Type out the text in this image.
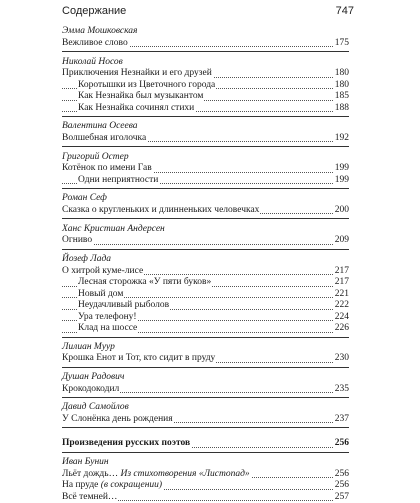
Содержание	747
Эмма Мошковская
Вежливое слово	175
Николай Носов
Приключения Незнайки и его друзей	180
Коротышки из Цветочного города	180
Как Незнайка был музыкантом	185
Как Незнайка сочинял стихи	188
Валентина Осеева
Волшебная иголочка	192
Григорий Остер
Котёнок по имени Гав	199
Одни неприятности	199
Роман Сеф
Сказка о кругленьких и длинненьких человечках	200
Ханс Кристиан Андерсен
Огниво	209
Йозеф Лада
О хитрой куме-лисе	217
Лесная сторожка «У пяти буков»	217
Новый дом	221
Неудачливый рыболов	222
Ура телефону!	224
Клад на шоссе	226
Лилиан Муур
Крошка Енот и Тот, кто сидит в пруду	230
Душан Радович
Крокодокодил	235
Давид Самойлов
У Слонёнка день рождения	237
Произведения русских поэтов	256
Иван Бунин
Льёт дождь… Из стихотворения «Листопад»	256
На пруде (в сокращении)	256
Всё темней…	257
